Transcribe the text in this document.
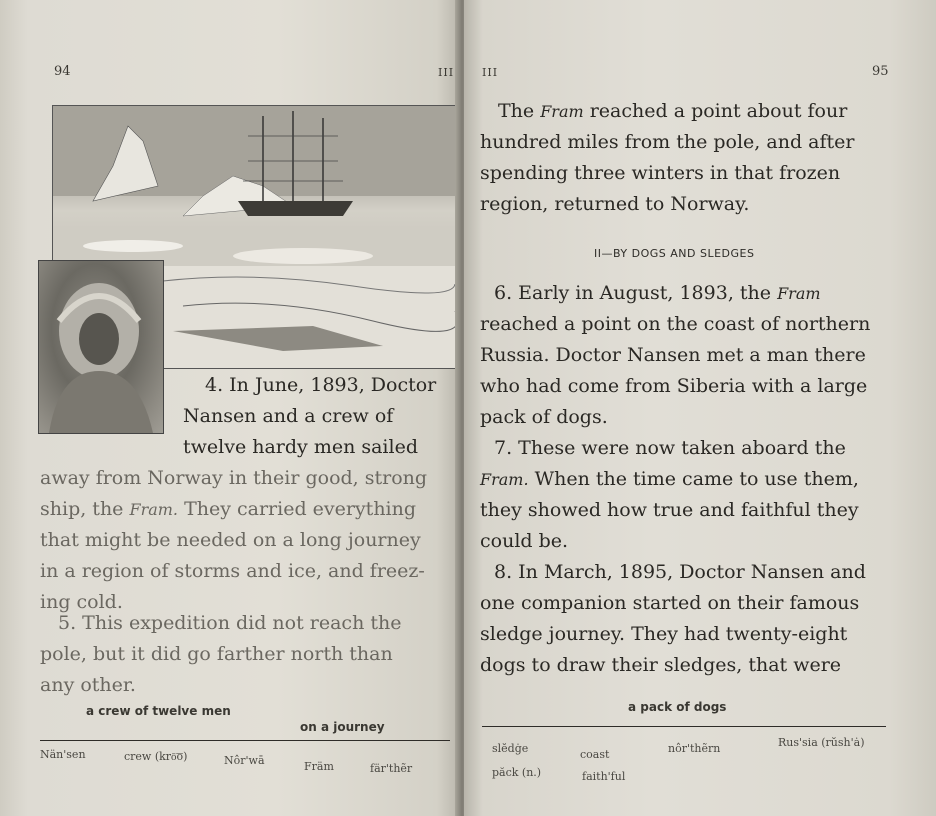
94	III
4. In June, 1893, Doctor
Nansen and a crew of
twelve hardy men sailed
away from Norway in their good, strong
ship, the Fram. They carried everything
that might be needed on a long journey
in a region of storms and ice, and freez-
ing cold.
5. This expedition did not reach the
pole, but it did go farther north than
any other.
a crew of twelve men
on a journey
Nän'sen	crew (krō͞o)	Nôr'wā	Främ	fär'thẽr
III	95
The Fram reached a point about four
hundred miles from the pole, and after
spending three winters in that frozen
region, returned to Norway.
II—BY DOGS AND SLEDGES
6. Early in August, 1893, the Fram
reached a point on the coast of northern
Russia. Doctor Nansen met a man there
who had come from Siberia with a large
pack of dogs.
7. These were now taken aboard the
Fram. When the time came to use them,
they showed how true and faithful they
could be.
8. In March, 1895, Doctor Nansen and
one companion started on their famous
sledge journey. They had twenty-eight
dogs to draw their sledges, that were
a pack of dogs
slĕdġe	coast	nôr'thẽrn	Rus'sia (rŭsh'ȧ)
păck (n.)	faith'ful
